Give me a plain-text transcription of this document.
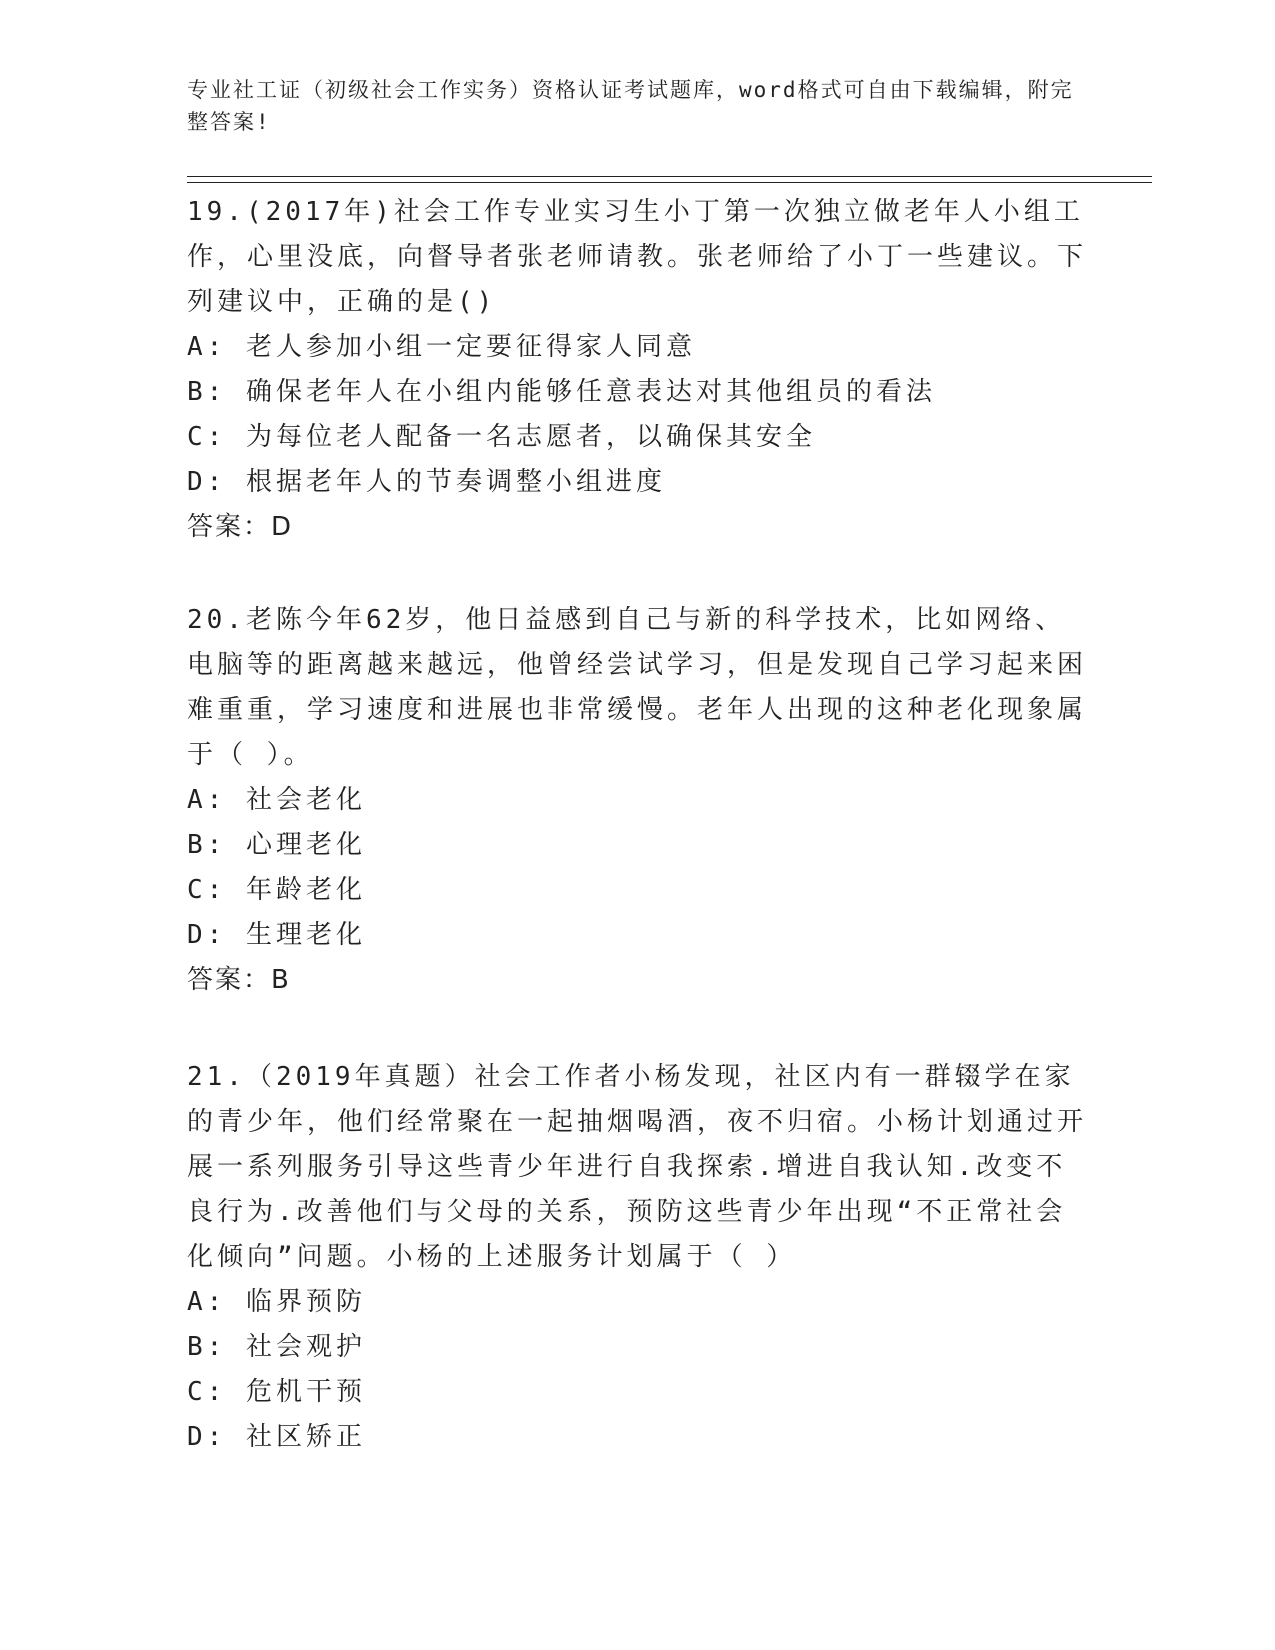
专业社工证（初级社会工作实务）资格认证考试题库，word格式可自由下载编辑，附完整答案!
19.(2017年)社会工作专业实习生小丁第一次独立做老年人小组工作，心里没底，向督导者张老师请教。张老师给了小丁一些建议。下列建议中，正确的是()
A: 老人参加小组一定要征得家人同意
B: 确保老年人在小组内能够任意表达对其他组员的看法
C: 为每位老人配备一名志愿者，以确保其安全
D: 根据老年人的节奏调整小组进度
答案：D
20.老陈今年62岁，他日益感到自己与新的科学技术，比如网络、电脑等的距离越来越远，他曾经尝试学习，但是发现自己学习起来困难重重，学习速度和进展也非常缓慢。老年人出现的这种老化现象属于（ ）。
A: 社会老化
B: 心理老化
C: 年龄老化
D: 生理老化
答案：B
21.（2019年真题）社会工作者小杨发现，社区内有一群辍学在家的青少年，他们经常聚在一起抽烟喝酒，夜不归宿。小杨计划通过开展一系列服务引导这些青少年进行自我探索.增进自我认知.改变不良行为.改善他们与父母的关系，预防这些青少年出现“不正常社会化倾向”问题。小杨的上述服务计划属于（ ）
A: 临界预防
B: 社会观护
C: 危机干预
D: 社区矫正
